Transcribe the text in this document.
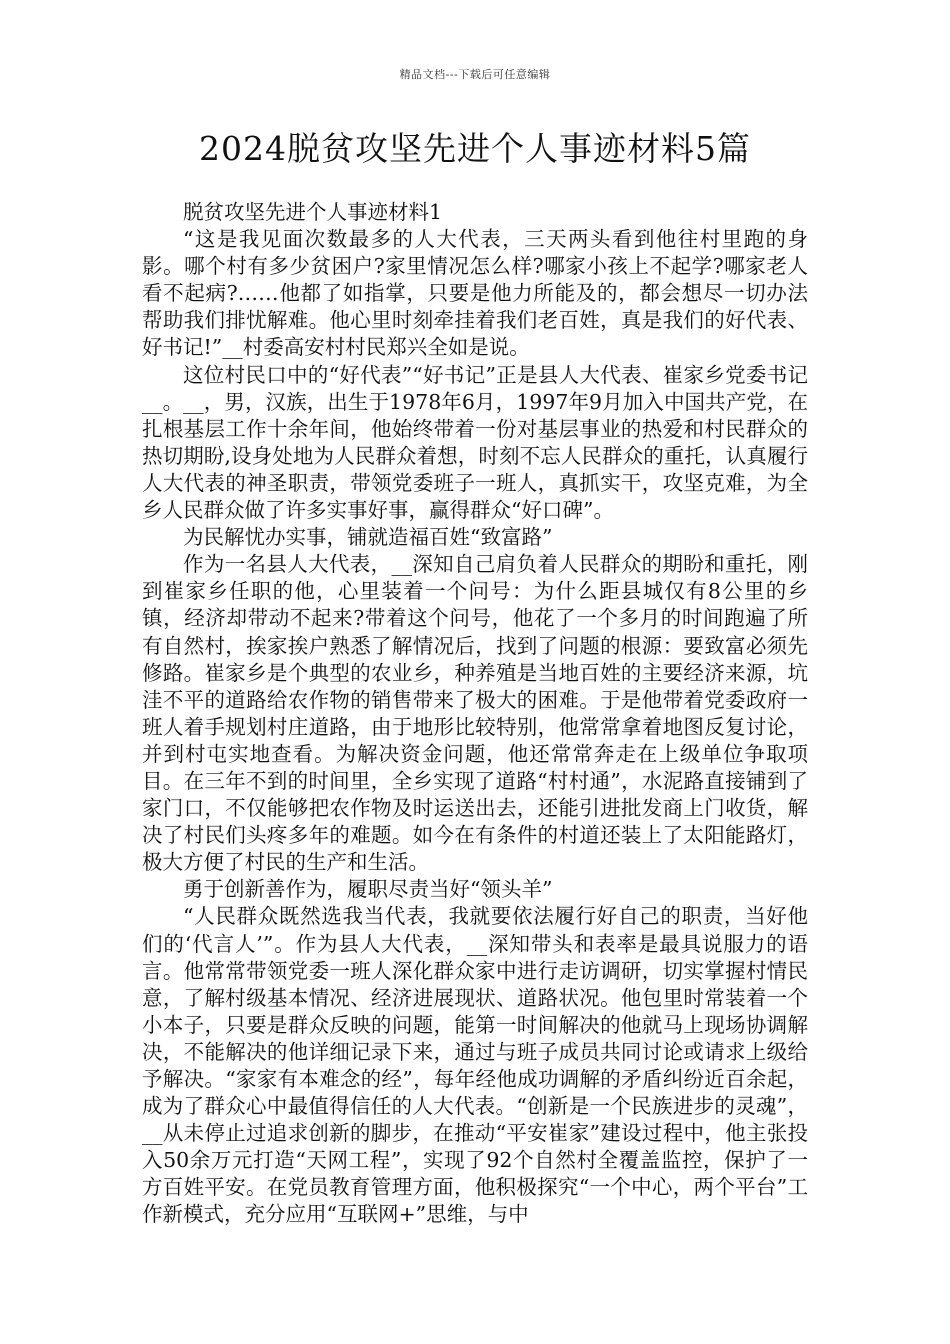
精品文档---下载后可任意编辑
2024脱贫攻坚先进个人事迹材料5篇

脱贫攻坚先进个人事迹材料1

“这是我见面次数最多的人大代表，三天两头看到他往村里跑的身影。哪个村有多少贫困户?家里情况怎么样?哪家小孩上不起学?哪家老人看不起病?……他都了如指掌，只要是他力所能及的，都会想尽一切办法帮助我们排忧解难。他心里时刻牵挂着我们老百姓，真是我们的好代表、好书记!”__村委高安村村民郑兴全如是说。

这位村民口中的“好代表”“好书记”正是县人大代表、崔家乡党委书记__。__，男，汉族，出生于1978年6月，1997年9月加入中国共产党，在扎根基层工作十余年间，他始终带着一份对基层事业的热爱和村民群众的热切期盼,设身处地为人民群众着想，时刻不忘人民群众的重托，认真履行人大代表的神圣职责，带领党委班子一班人，真抓实干，攻坚克难，为全乡人民群众做了许多实事好事，赢得群众“好口碑”。

为民解忧办实事，铺就造福百姓“致富路”

作为一名县人大代表，__深知自己肩负着人民群众的期盼和重托，刚到崔家乡任职的他，心里装着一个问号：为什么距县城仅有8公里的乡镇，经济却带动不起来?带着这个问号，他花了一个多月的时间跑遍了所有自然村，挨家挨户熟悉了解情况后，找到了问题的根源：要致富必须先修路。崔家乡是个典型的农业乡，种养殖是当地百姓的主要经济来源，坑洼不平的道路给农作物的销售带来了极大的困难。于是他带着党委政府一班人着手规划村庄道路，由于地形比较特别，他常常拿着地图反复讨论，并到村屯实地查看。为解决资金问题，他还常常奔走在上级单位争取项目。在三年不到的时间里，全乡实现了道路“村村通”，水泥路直接铺到了家门口，不仅能够把农作物及时运送出去，还能引进批发商上门收货，解决了村民们头疼多年的难题。如今在有条件的村道还装上了太阳能路灯，极大方便了村民的生产和生活。

勇于创新善作为，履职尽责当好“领头羊”

“人民群众既然选我当代表，我就要依法履行好自己的职责，当好他们的‘代言人’”。作为县人大代表，__深知带头和表率是最具说服力的语言。他常常带领党委一班人深化群众家中进行走访调研，切实掌握村情民意，了解村级基本情况、经济进展现状、道路状况。他包里时常装着一个小本子，只要是群众反映的问题，能第一时间解决的他就马上现场协调解决，不能解决的他详细记录下来，通过与班子成员共同讨论或请求上级给予解决。“家家有本难念的经”，每年经他成功调解的矛盾纠纷近百余起，成为了群众心中最值得信任的人大代表。“创新是一个民族进步的灵魂”，__从未停止过追求创新的脚步，在推动“平安崔家”建设过程中，他主张投入50余万元打造“天网工程”，实现了92个自然村全覆盖监控，保护了一方百姓平安。在党员教育管理方面，他积极探究“一个中心，两个平台”工作新模式，充分应用“互联网+”思维，与中
